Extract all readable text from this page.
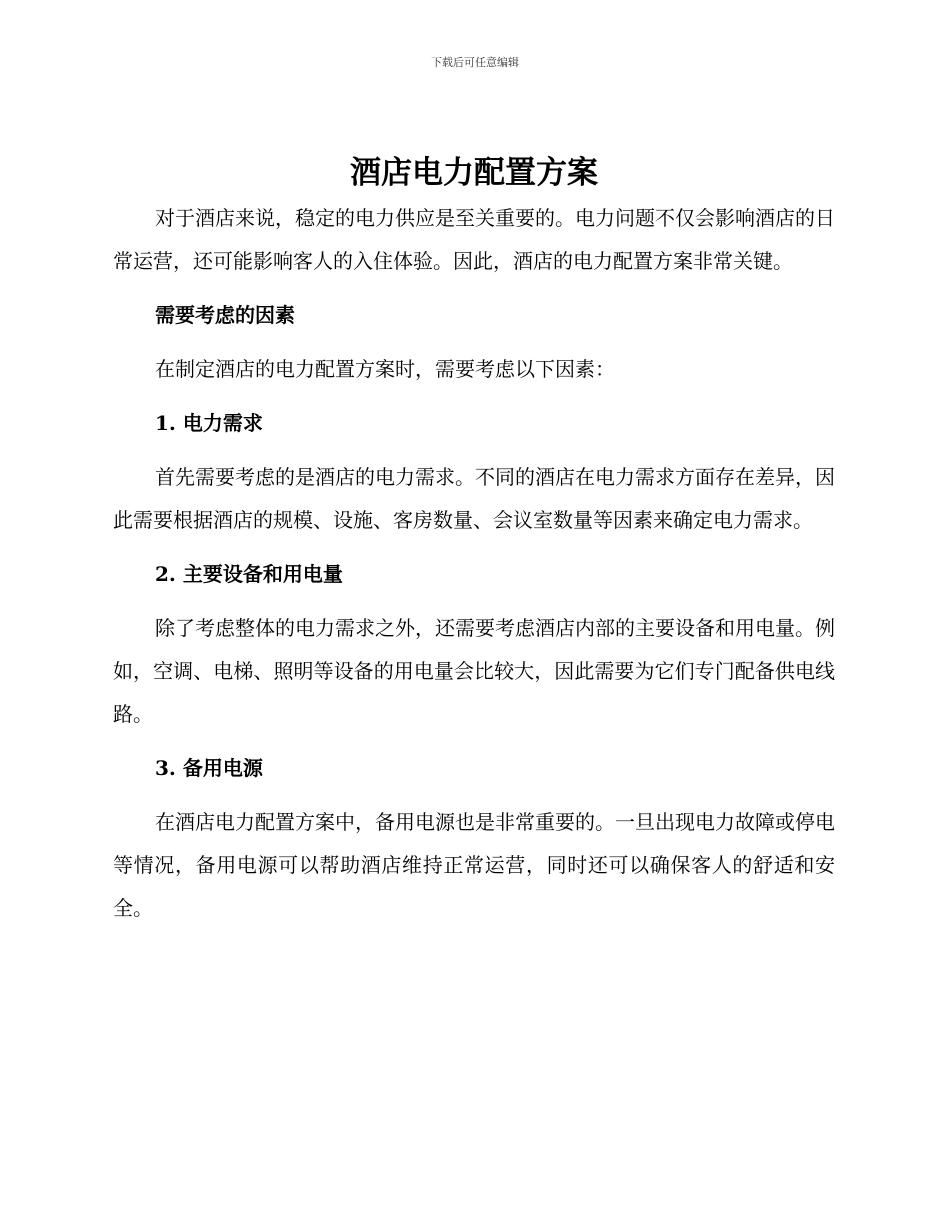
下载后可任意编辑
酒店电力配置方案

对于酒店来说，稳定的电力供应是至关重要的。电力问题不仅会影响酒店的日常运营，还可能影响客人的入住体验。因此，酒店的电力配置方案非常关键。

需要考虑的因素

在制定酒店的电力配置方案时，需要考虑以下因素：

1. 电力需求

首先需要考虑的是酒店的电力需求。不同的酒店在电力需求方面存在差异，因此需要根据酒店的规模、设施、客房数量、会议室数量等因素来确定电力需求。

2. 主要设备和用电量

除了考虑整体的电力需求之外，还需要考虑酒店内部的主要设备和用电量。例如，空调、电梯、照明等设备的用电量会比较大，因此需要为它们专门配备供电线路。

3. 备用电源

在酒店电力配置方案中，备用电源也是非常重要的。一旦出现电力故障或停电等情况，备用电源可以帮助酒店维持正常运营，同时还可以确保客人的舒适和安全。
